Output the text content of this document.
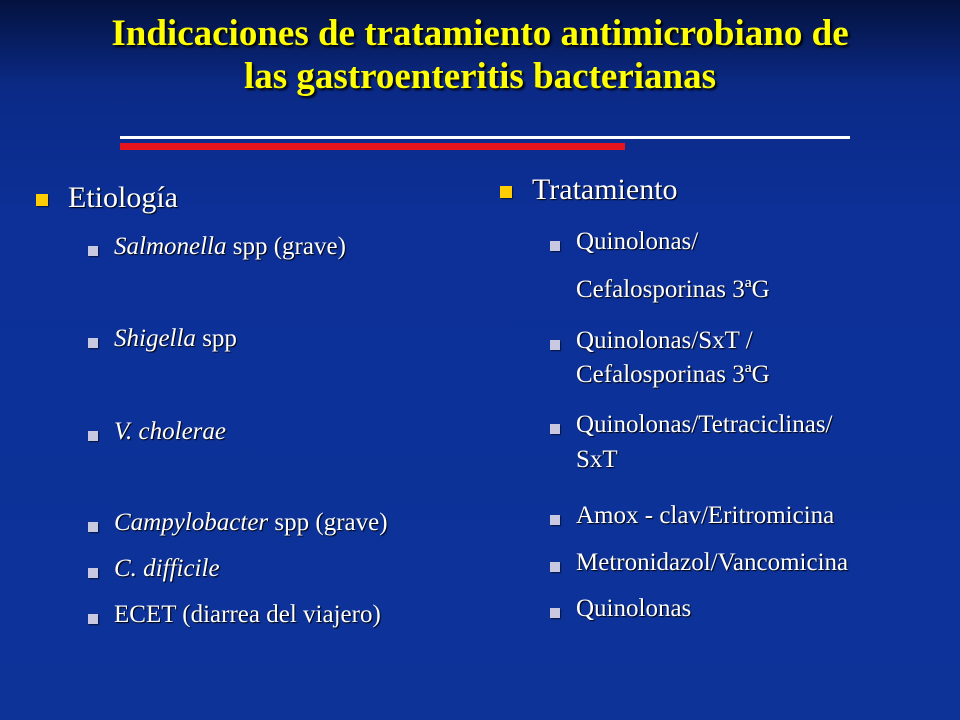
Indicaciones de tratamiento antimicrobiano de
las gastroenteritis bacterianas
Etiología
Salmonella spp (grave)
Shigella spp
V. cholerae
Campylobacter spp (grave)
C. difficile
ECET (diarrea del viajero)
Tratamiento
Quinolonas/
Cefalosporinas 3ªG
Quinolonas/SxT /
Cefalosporinas 3ªG
Quinolonas/Tetraciclinas/
SxT
Amox - clav/Eritromicina
Metronidazol/Vancomicina
Quinolonas
